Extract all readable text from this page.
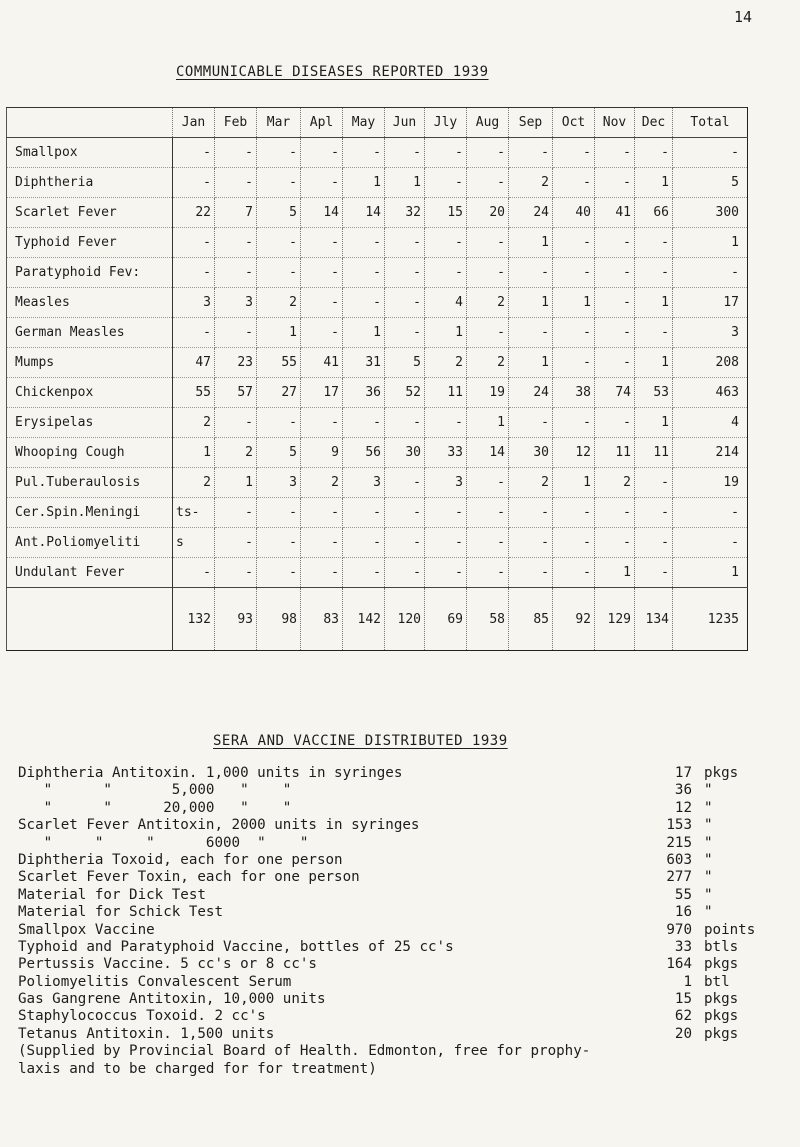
14
COMMUNICABLE DISEASES REPORTED 1939
	Jan	Feb	Mar	Apl	May	Jun	Jly	Aug	Sep	Oct	Nov	Dec	Total
Smallpox	-	-	-	-	-	-	-	-	-	-	-	-	-
Diphtheria	-	-	-	-	1	1	-	-	2	-	-	1	5
Scarlet Fever	22	7	5	14	14	32	15	20	24	40	41	66	300
Typhoid Fever	-	-	-	-	-	-	-	-	1	-	-	-	1
Paratyphoid Fev:	-	-	-	-	-	-	-	-	-	-	-	-	-
Measles	3	3	2	-	-	-	4	2	1	1	-	1	17
German Measles	-	-	1	-	1	-	1	-	-	-	-	-	3
Mumps	47	23	55	41	31	5	2	2	1	-	-	1	208
Chickenpox	55	57	27	17	36	52	11	19	24	38	74	53	463
Erysipelas	2	-	-	-	-	-	-	1	-	-	-	1	4
Whooping Cough	1	2	5	9	56	30	33	14	30	12	11	11	214
Pul.Tuberaulosis	2	1	3	2	3	-	3	-	2	1	2	-	19
Cer.Spin.Meningi	ts-	-	-	-	-	-	-	-	-	-	-	-	-
Ant.Poliomyeliti	s	-	-	-	-	-	-	-	-	-	-	-	-
Undulant Fever	-	-	-	-	-	-	-	-	-	-	1	-	1
	132	93	98	83	142	120	69	58	85	92	129	134	1235
SERA AND VACCINE DISTRIBUTED 1939
Diphtheria Antitoxin. 1,000 units in syringes	17 pkgs
"      "       5,000   "    "	36 "
"      "      20,000   "    "	12 "
Scarlet Fever Antitoxin, 2000 units in syringes	153 "
"     "     "      6000  "    "	215 "
Diphtheria Toxoid, each for one person	603 "
Scarlet Fever Toxin, each for one person	277 "
Material for Dick Test	55 "
Material for Schick Test	16 "
Smallpox Vaccine	970 points
Typhoid and Paratyphoid Vaccine, bottles of 25 cc's	33 btls
Pertussis Vaccine. 5 cc's or 8 cc's	164 pkgs
Poliomyelitis Convalescent Serum	1 btl
Gas Gangrene Antitoxin, 10,000 units	15 pkgs
Staphylococcus Toxoid. 2 cc's	62 pkgs
Tetanus Antitoxin. 1,500 units	20 pkgs
(Supplied by Provincial Board of Health. Edmonton, free for prophy-
laxis and to be charged for for treatment)
